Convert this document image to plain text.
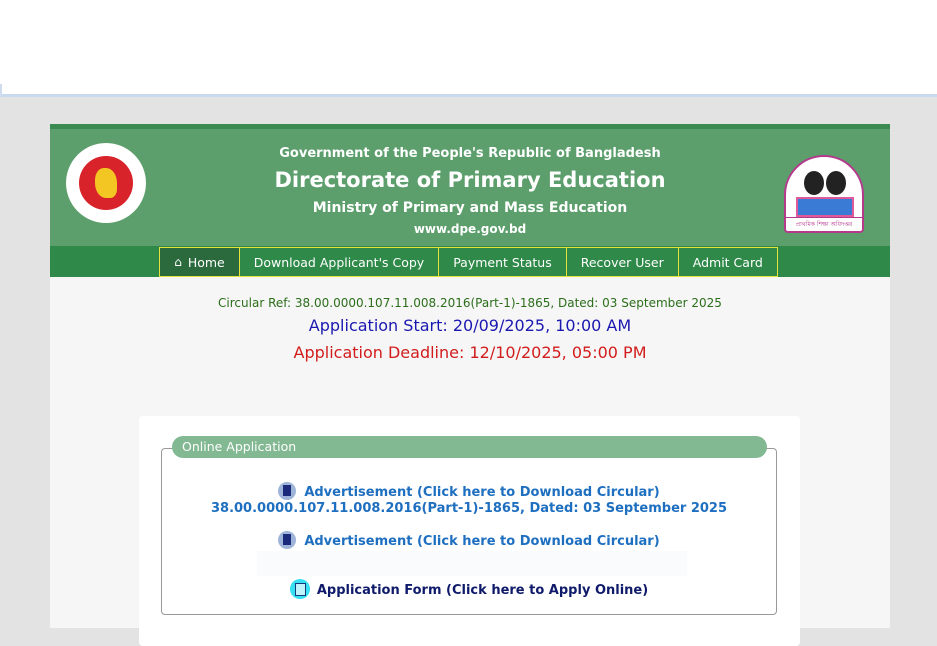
Government of the People's Republic of Bangladesh
Directorate of Primary Education
Ministry of Primary and Mass Education
www.dpe.gov.bd	প্রাথমিক শিক্ষা অধিদপ্তর
⌂ Home	Download Applicant's Copy	Payment Status	Recover User	Admit Card
Circular Ref: 38.00.0000.107.11.008.2016(Part-1)-1865, Dated: 03 September 2025
Application Start: 20/09/2025, 10:00 AM
Application Deadline: 12/10/2025, 05:00 PM
Advertisement (Click here to Download Circular)
38.00.0000.107.11.008.2016(Part-1)-1865, Dated: 03 September 2025
Advertisement (Click here to Download Circular)
Application Form (Click here to Apply Online)
Online Application
